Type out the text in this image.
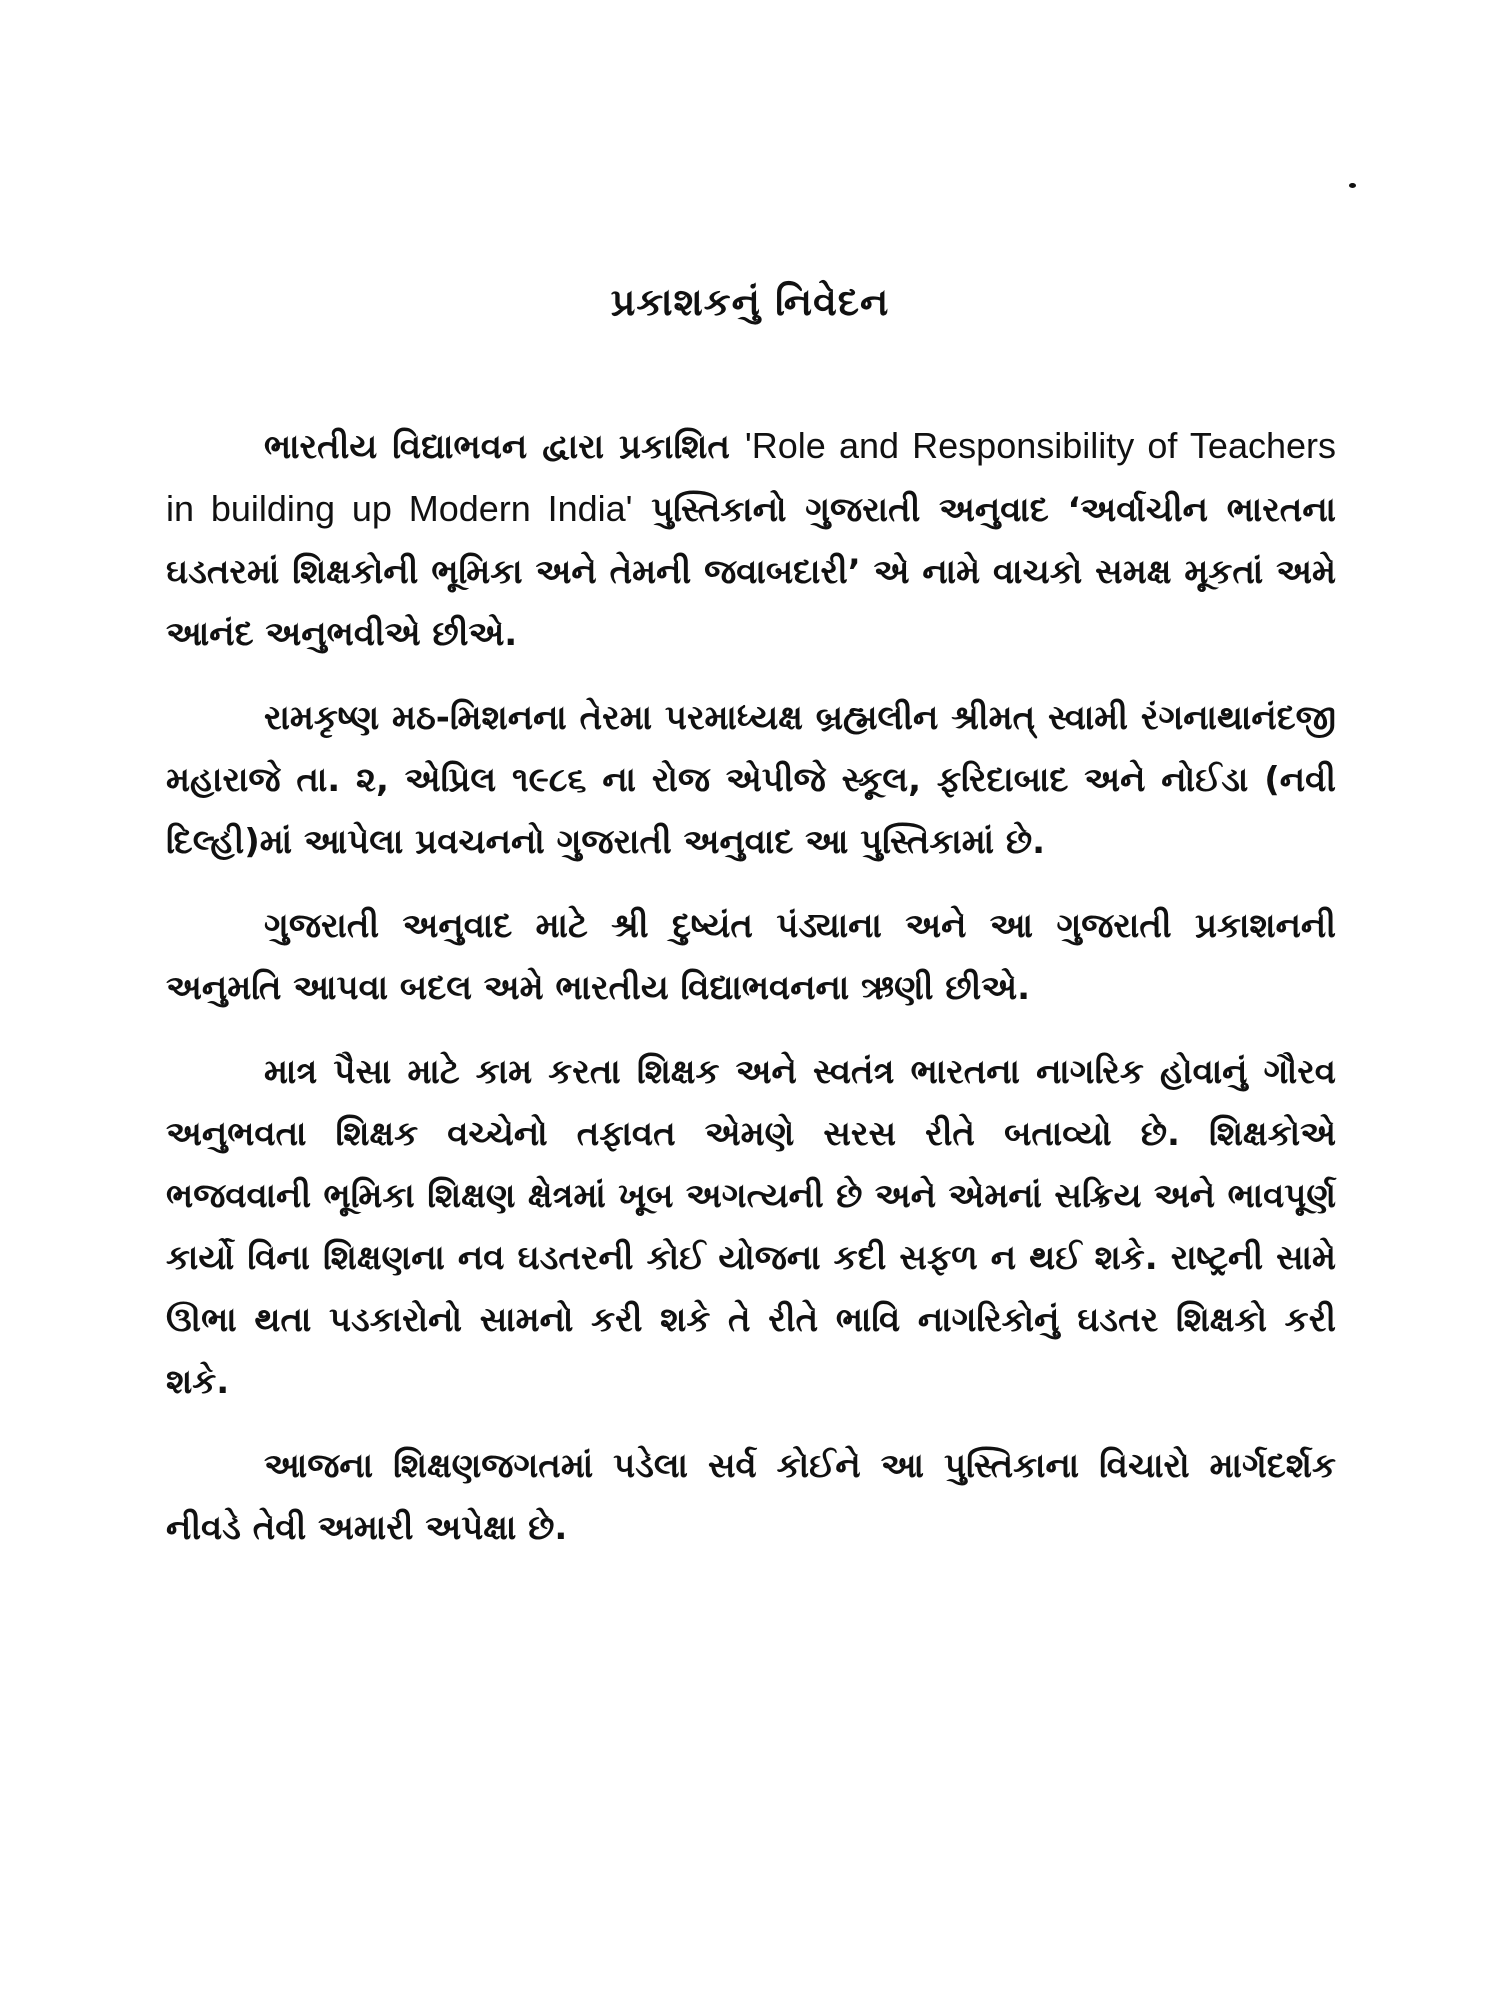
પ્રકાશકનું નિવેદન

ભારતીય વિદ્યાભવન દ્વારા પ્રકાશિત 'Role and Responsibility of Teachers in building up Modern India' પુસ્તિકાનો ગુજરાતી અનુવાદ ‘અર્વાચીન ભારતના ઘડતરમાં શિક્ષકોની ભૂમિકા અને તેમની જવાબદારી’ એ નામે વાચકો સમક્ષ મૂકતાં અમે આનંદ અનુભવીએ છીએ.

રામકૃષ્ણ મઠ-મિશનના તેરમા પરમાધ્યક્ષ બ્રહ્મલીન શ્રીમત્ સ્વામી રંગનાથાનંદજી મહારાજે તા. ૨, એપ્રિલ ૧૯૮૬ ના રોજ એપીજે સ્કૂલ, ફરિદાબાદ અને નોઈડા (નવી દિલ્હી)માં આપેલા પ્રવચનનો ગુજરાતી અનુવાદ આ પુસ્તિકામાં છે.

ગુજરાતી અનુવાદ માટે શ્રી દુષ્યંત પંડ્યાના અને આ ગુજરાતી પ્રકાશનની અનુમતિ આપવા બદલ અમે ભારતીય વિદ્યાભવનના ઋણી છીએ.

માત્ર પૈસા માટે કામ કરતા શિક્ષક અને સ્વતંત્ર ભારતના નાગરિક હોવાનું ગૌરવ અનુભવતા શિક્ષક વચ્ચેનો તફાવત એમણે સરસ રીતે બતાવ્યો છે. શિક્ષકોએ ભજવવાની ભૂમિકા શિક્ષણ ક્ષેત્રમાં ખૂબ અગત્યની છે અને એમનાં સક્રિય અને ભાવપૂર્ણ કાર્યો વિના શિક્ષણના નવ ઘડતરની કોઈ યોજના કદી સફળ ન થઈ શકે. રાષ્ટ્રની સામે ઊભા થતા પડકારોનો સામનો કરી શકે તે રીતે ભાવિ નાગરિકોનું ઘડતર શિક્ષકો કરી શકે.

આજના શિક્ષણજગતમાં પડેલા સર્વ કોઈને આ પુસ્તિકાના વિચારો માર્ગદર્શક નીવડે તેવી અમારી અપેક્ષા છે.
